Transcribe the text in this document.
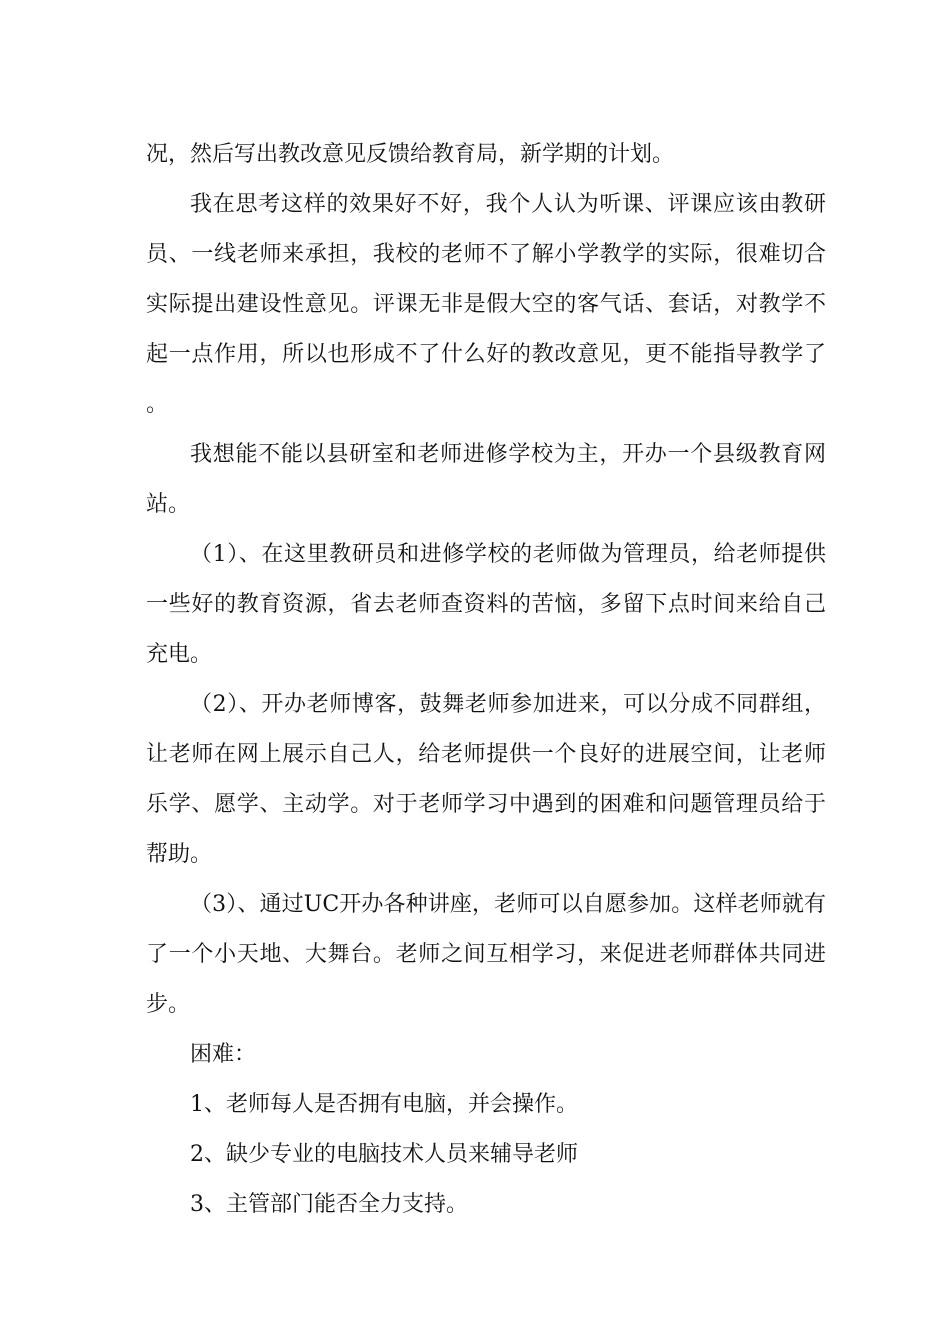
况，然后写出教改意见反馈给教育局，新学期的计划。

我在思考这样的效果好不好，我个人认为听课、评课应该由教研员、一线老师来承担，我校的老师不了解小学教学的实际，很难切合实际提出建设性意见。评课无非是假大空的客气话、套话，对教学不起一点作用，所以也形成不了什么好的教改意见，更不能指导教学了。

我想能不能以县研室和老师进修学校为主，开办一个县级教育网站。

（1）、在这里教研员和进修学校的老师做为管理员，给老师提供一些好的教育资源，省去老师查资料的苦恼，多留下点时间来给自己充电。

（2）、开办老师博客，鼓舞老师参加进来，可以分成不同群组，让老师在网上展示自己人，给老师提供一个良好的进展空间，让老师乐学、愿学、主动学。对于老师学习中遇到的困难和问题管理员给于帮助。

（3）、通过UC开办各种讲座，老师可以自愿参加。这样老师就有了一个小天地、大舞台。老师之间互相学习，来促进老师群体共同进步。

困难：

1、老师每人是否拥有电脑，并会操作。

2、缺少专业的电脑技术人员来辅导老师

3、主管部门能否全力支持。
